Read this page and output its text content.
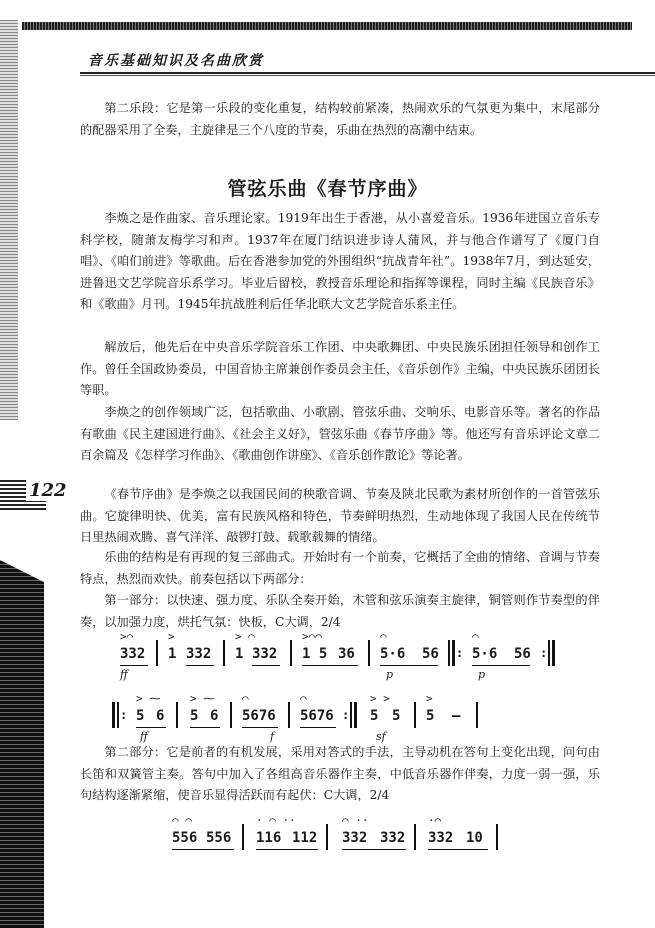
音乐基础知识及名曲欣赏
第二乐段：它是第一乐段的变化重复，结构较前紧凑，热闹欢乐的气氛更为集中，末尾部分的配器采用了全奏，主旋律是三个八度的节奏，乐曲在热烈的高潮中结束。
管弦乐曲《春节序曲》
李焕之是作曲家、音乐理论家。1919年出生于香港，从小喜爱音乐。1936年进国立音乐专科学校，随萧友梅学习和声。1937年在厦门结识进步诗人蒲风，并与他合作谱写了《厦门自唱》、《咱们前进》等歌曲。后在香港参加党的外围组织“抗战青年社”。1938年7月，到达延安，进鲁迅文艺学院音乐系学习。毕业后留校，教授音乐理论和指挥等课程，同时主编《民族音乐》和《歌曲》月刊。1945年抗战胜利后任华北联大文艺学院音乐系主任。
解放后，他先后在中央音乐学院音乐工作团、中央歌舞团、中央民族乐团担任领导和创作工作。曾任全国政协委员，中国音协主席兼创作委员会主任，《音乐创作》主编，中央民族乐团团长等职。
李焕之的创作领域广泛，包括歌曲、小歌剧、管弦乐曲、交响乐、电影音乐等。著名的作品有歌曲《民主建国进行曲》、《社会主义好》，管弦乐曲《春节序曲》等。他还写有音乐评论文章二百余篇及《怎样学习作曲》、《歌曲创作讲座》、《音乐创作散论》等论著。
《春节序曲》是李焕之以我国民间的秧歌音调、节奏及陕北民歌为素材所创作的一首管弦乐曲。它旋律明快、优美，富有民族风格和特色，节奏鲜明热烈，生动地体现了我国人民在传统节日里热闹欢腾、喜气洋洋、敲锣打鼓、载歌载舞的情绪。
乐曲的结构是有再现的复三部曲式。开始时有一个前奏，它概括了全曲的情绪、音调与节奏特点，热烈而欢快。前奏包括以下两部分：
第一部分：以快速、强力度、乐队全奏开始，木管和弦乐演奏主旋律，铜管则作节奏型的伴奏，以加强力度，烘托气氛：快板，C大调，2/4
332
>⌒
1 332
>
1 332
> ⌒
1 5 36
>⌒⌒
5·6 56
⌒
: 5·6 56
⌒
:
ff	p	p
: 5 6
> ⁓
5 6
> ⁓
5676
⌒
5676
⌒
: 5 5
> >
5 –
>
ff	f	sf
第二部分：它是前者的有机发展，采用对答式的手法，主导动机在答句上变化出现，问句由长笛和双簧管主奏。答句中加入了各组高音乐器作主奏，中低音乐器作伴奏，力度一弱一强，乐句结构逐渐紧缩，使音乐显得活跃而有起伏：C大调，2/4
556 556
⌒ ⌒
116 112
· ⌒ ··
332 332
⌒ ··
332 10
·⌒
122
